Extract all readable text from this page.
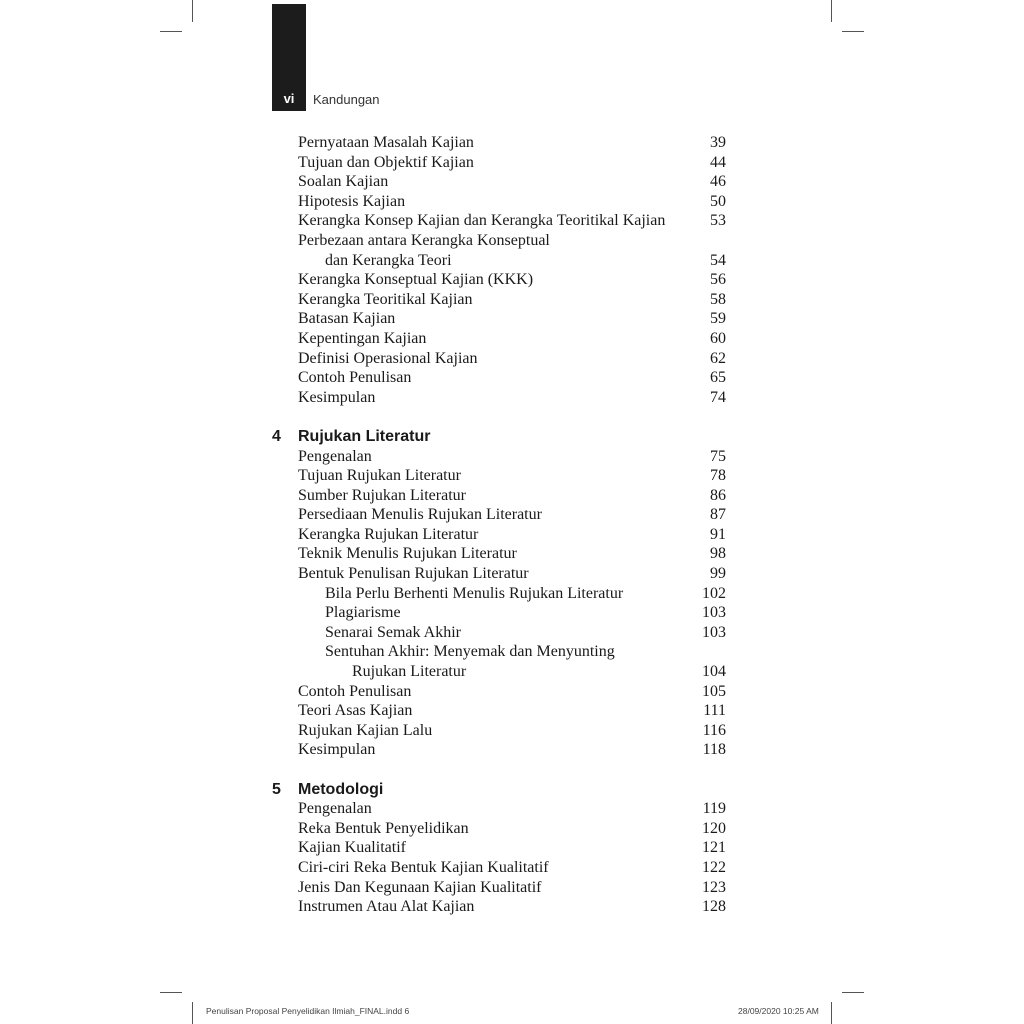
vi	Kandungan
Pernyataan Masalah Kajian	39
Tujuan dan Objektif Kajian	44
Soalan Kajian	46
Hipotesis Kajian	50
Kerangka Konsep Kajian dan Kerangka Teoritikal Kajian	53
Perbezaan antara Kerangka Konseptual
dan Kerangka Teori	54
Kerangka Konseptual Kajian (KKK)	56
Kerangka Teoritikal Kajian	58
Batasan Kajian	59
Kepentingan Kajian	60
Definisi Operasional Kajian	62
Contoh Penulisan	65
Kesimpulan	74
4 Rujukan Literatur
Pengenalan	75
Tujuan Rujukan Literatur	78
Sumber Rujukan Literatur	86
Persediaan Menulis Rujukan Literatur	87
Kerangka Rujukan Literatur	91
Teknik Menulis Rujukan Literatur	98
Bentuk Penulisan Rujukan Literatur	99
Bila Perlu Berhenti Menulis Rujukan Literatur	102
Plagiarisme	103
Senarai Semak Akhir	103
Sentuhan Akhir: Menyemak dan Menyunting
Rujukan Literatur	104
Contoh Penulisan	105
Teori Asas Kajian	111
Rujukan Kajian Lalu	116
Kesimpulan	118
5 Metodologi
Pengenalan	119
Reka Bentuk Penyelidikan	120
Kajian Kualitatif	121
Ciri-ciri Reka Bentuk Kajian Kualitatif	122
Jenis Dan Kegunaan Kajian Kualitatif	123
Instrumen Atau Alat Kajian	128
Penulisan Proposal Penyelidikan Ilmiah_FINAL.indd 6	28/09/2020 10:25 AM
